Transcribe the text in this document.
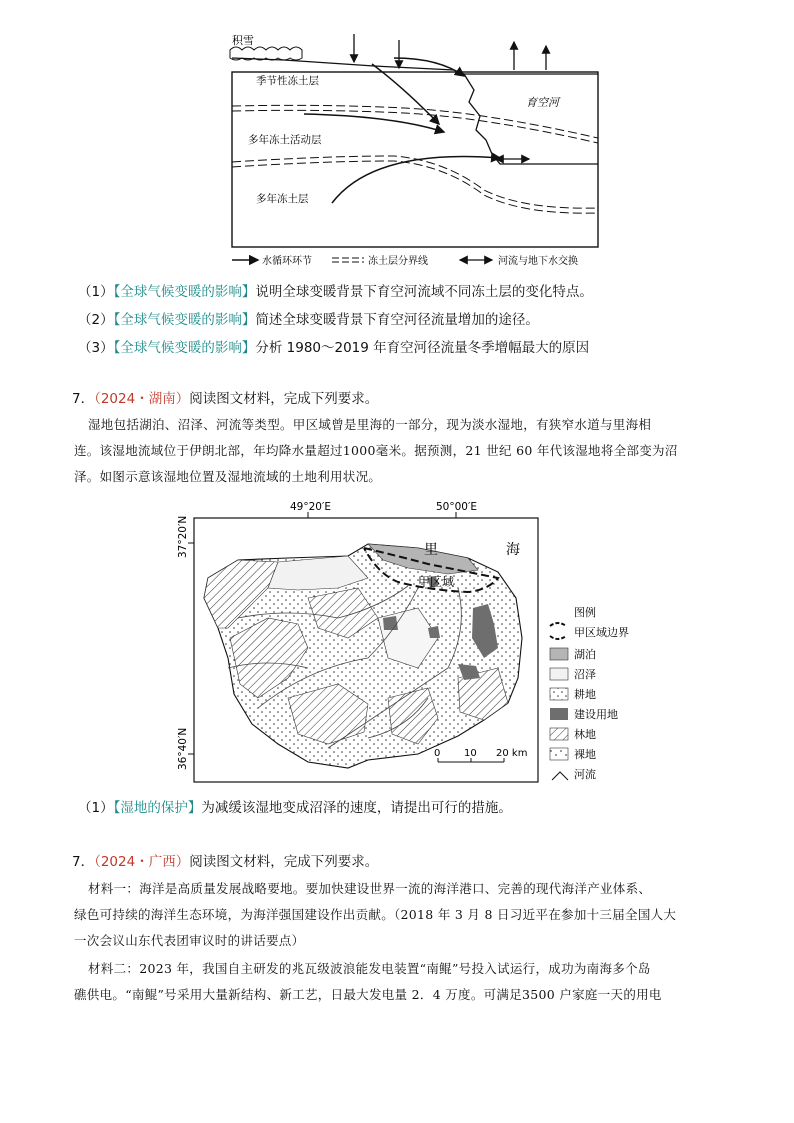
积雪
季节性冻土层
多年冻土活动层
多年冻土层
育空河
水循环环节	冻土层分界线	河流与地下水交换
（1）【全球气候变暖的影响】说明全球变暖背景下育空河流域不同冻土层的变化特点。
（2）【全球气候变暖的影响】简述全球变暖背景下育空河径流量增加的途径。
（3）【全球气候变暖的影响】分析 1980～2019 年育空河径流量冬季增幅最大的原因
7．（2024・湖南）阅读图文材料，完成下列要求。
湿地包括湖泊、沼泽、河流等类型。甲区域曾是里海的一部分，现为淡水湿地，有狭窄水道与里海相
连。该湿地流域位于伊朗北部，年均降水量超过1000毫米。据预测，21 世纪 60 年代该湿地将全部变为沼
泽。如图示意该湿地位置及湿地流域的土地利用状况。
49°20′E	50°00′E
37°20′N
36°40′N
里	海
甲区域
0 10 20 km
图例
甲区域边界
湖泊
沼泽
耕地
建设用地
林地
裸地
河流
（1）【湿地的保护】为减缓该湿地变成沼泽的速度，请提出可行的措施。
7．（2024・广西）阅读图文材料，完成下列要求。
材料一：海洋是高质量发展战略要地。要加快建设世界一流的海洋港口、完善的现代海洋产业体系、
绿色可持续的海洋生态环境，为海洋强国建设作出贡献。（2018 年 3 月 8 日习近平在参加十三届全国人大
一次会议山东代表团审议时的讲话要点）
材料二：2023 年，我国自主研发的兆瓦级波浪能发电装置“南鲲”号投入试运行，成功为南海多个岛
礁供电。“南鲲”号采用大量新结构、新工艺，日最大发电量 2．4 万度。可满足3500 户家庭一天的用电
